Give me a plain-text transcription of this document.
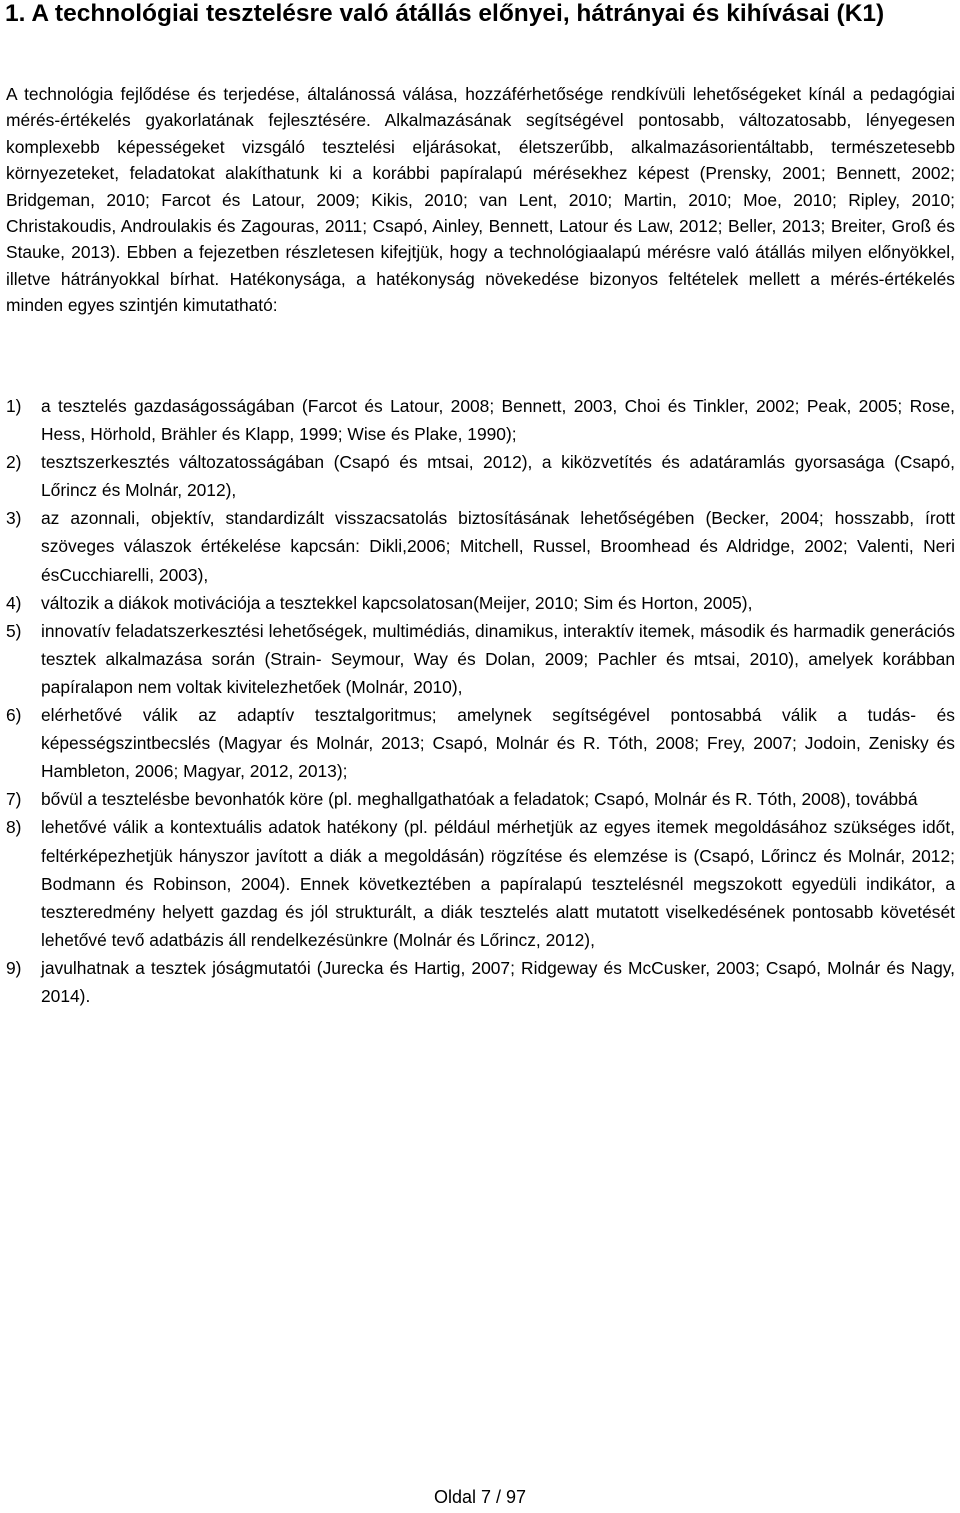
1. A technológiai tesztelésre való átállás előnyei, hátrányai és kihívásai (K1)

A technológia fejlődése és terjedése, általánossá válása, hozzáférhetősége rendkívüli lehetőségeket kínál a pedagógiai mérés-értékelés gyakorlatának fejlesztésére. Alkalmazásának segítségével pontosabb, változatosabb, lényegesen komplexebb képességeket vizsgáló tesztelési eljárásokat, életszerűbb, alkalmazásorientáltabb, természetesebb környezeteket, feladatokat alakíthatunk ki a korábbi papíralapú mérésekhez képest (Prensky, 2001; Bennett, 2002; Bridgeman, 2010; Farcot és Latour, 2009; Kikis, 2010; van Lent, 2010; Martin, 2010; Moe, 2010; Ripley, 2010; Christakoudis, Androulakis és Zagouras, 2011; Csapó, Ainley, Bennett, Latour és Law, 2012; Beller, 2013; Breiter, Groß és Stauke, 2013). Ebben a fejezetben részletesen kifejtjük, hogy a technológiaalapú mérésre való átállás milyen előnyökkel, illetve hátrányokkal bírhat. Hatékonysága, a hatékonyság növekedése bizonyos feltételek mellett a mérés-értékelés minden egyes szintjén kimutatható:

1) a tesztelés gazdaságosságában (Farcot és Latour, 2008; Bennett, 2003, Choi és Tinkler, 2002; Peak, 2005; Rose, Hess, Hörhold, Brähler és Klapp, 1999; Wise és Plake, 1990);
2) tesztszerkesztés változatosságában (Csapó és mtsai, 2012), a kiközvetítés és adatáramlás gyorsasága (Csapó, Lőrincz és Molnár, 2012),
3) az azonnali, objektív, standardizált visszacsatolás biztosításának lehetőségében (Becker, 2004; hosszabb, írott szöveges válaszok értékelése kapcsán: Dikli,2006; Mitchell, Russel, Broomhead és Aldridge, 2002; Valenti, Neri ésCucchiarelli, 2003),
4) változik a diákok motivációja a tesztekkel kapcsolatosan(Meijer, 2010; Sim és Horton, 2005),
5) innovatív feladatszerkesztési lehetőségek, multimédiás, dinamikus, interaktív itemek, második és harmadik generációs tesztek alkalmazása során (Strain- Seymour, Way és Dolan, 2009; Pachler és mtsai, 2010), amelyek korábban papíralapon nem voltak kivitelezhetőek (Molnár, 2010),
6) elérhetővé válik az adaptív tesztalgoritmus; amelynek segítségével pontosabbá válik a tudás- és képességszintbecslés (Magyar és Molnár, 2013; Csapó, Molnár és R. Tóth, 2008; Frey, 2007; Jodoin, Zenisky és Hambleton, 2006; Magyar, 2012, 2013);
7) bővül a tesztelésbe bevonhatók köre (pl. meghallgathatóak a feladatok; Csapó, Molnár és R. Tóth, 2008), továbbá
8) lehetővé válik a kontextuális adatok hatékony (pl. például mérhetjük az egyes itemek megoldásához szükséges időt, feltérképezhetjük hányszor javított a diák a megoldásán) rögzítése és elemzése is (Csapó, Lőrincz és Molnár, 2012; Bodmann és Robinson, 2004). Ennek következtében a papíralapú tesztelésnél megszokott egyedüli indikátor, a teszteredmény helyett gazdag és jól strukturált, a diák tesztelés alatt mutatott viselkedésének pontosabb követését lehetővé tevő adatbázis áll rendelkezésünkre (Molnár és Lőrincz, 2012),
9) javulhatnak a tesztek jóságmutatói (Jurecka és Hartig, 2007; Ridgeway és McCusker, 2003; Csapó, Molnár és Nagy, 2014).
Oldal 7 / 97
